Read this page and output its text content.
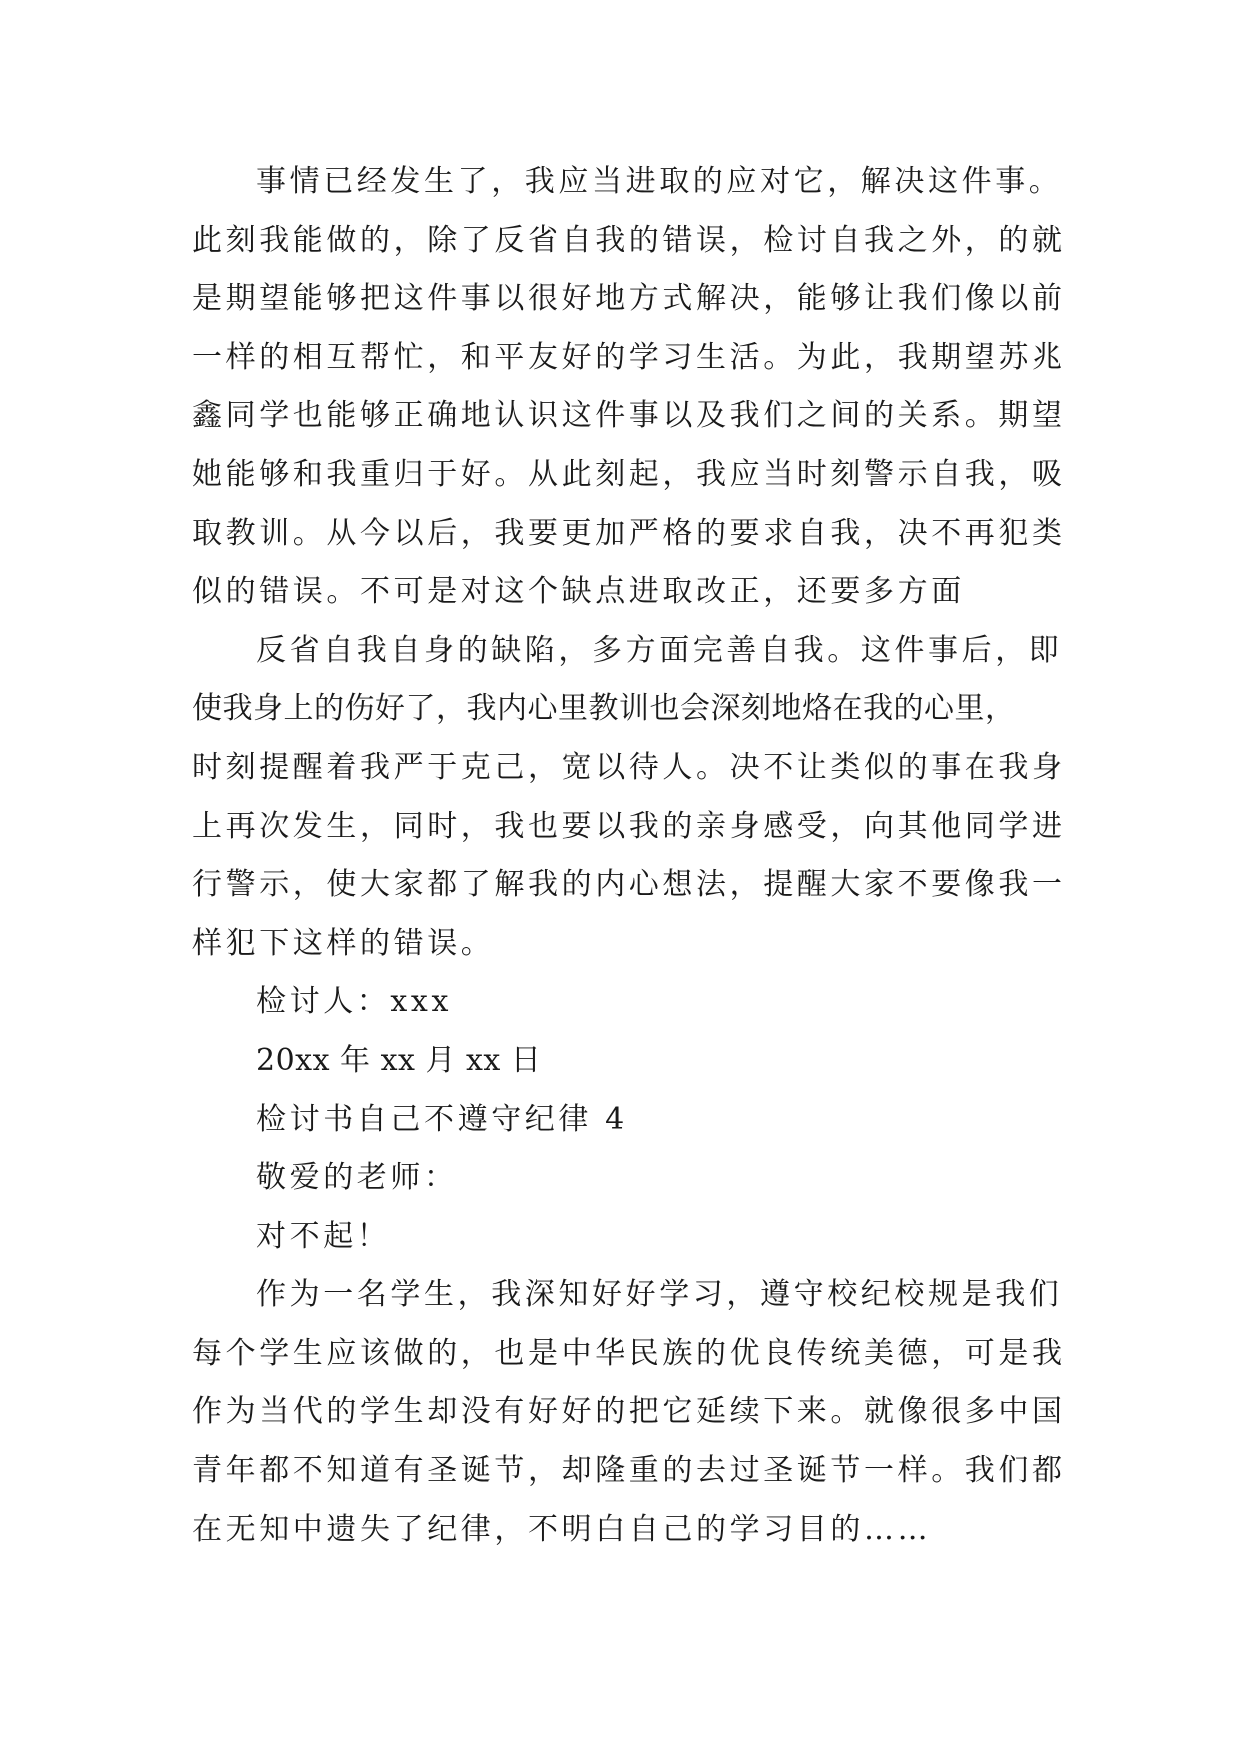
事情已经发生了，我应当进取的应对它，解决这件事。
此刻我能做的，除了反省自我的错误，检讨自我之外，的就
是期望能够把这件事以很好地方式解决，能够让我们像以前
一样的相互帮忙，和平友好的学习生活。为此，我期望苏兆
鑫同学也能够正确地认识这件事以及我们之间的关系。期望
她能够和我重归于好。从此刻起，我应当时刻警示自我，吸
取教训。从今以后，我要更加严格的要求自我，决不再犯类
似的错误。不可是对这个缺点进取改正，还要多方面
反省自我自身的缺陷，多方面完善自我。这件事后，即
使我身上的伤好了，我内心里教训也会深刻地烙在我的心里，
时刻提醒着我严于克己，宽以待人。决不让类似的事在我身
上再次发生，同时，我也要以我的亲身感受，向其他同学进
行警示，使大家都了解我的内心想法，提醒大家不要像我一
样犯下这样的错误。
检讨人：xxx
20xx 年 xx 月 xx 日
检讨书自己不遵守纪律 4
敬爱的老师：
对不起！
作为一名学生，我深知好好学习，遵守校纪校规是我们
每个学生应该做的，也是中华民族的优良传统美德，可是我
作为当代的学生却没有好好的把它延续下来。就像很多中国
青年都不知道有圣诞节，却隆重的去过圣诞节一样。我们都
在无知中遗失了纪律，不明白自己的学习目的……
